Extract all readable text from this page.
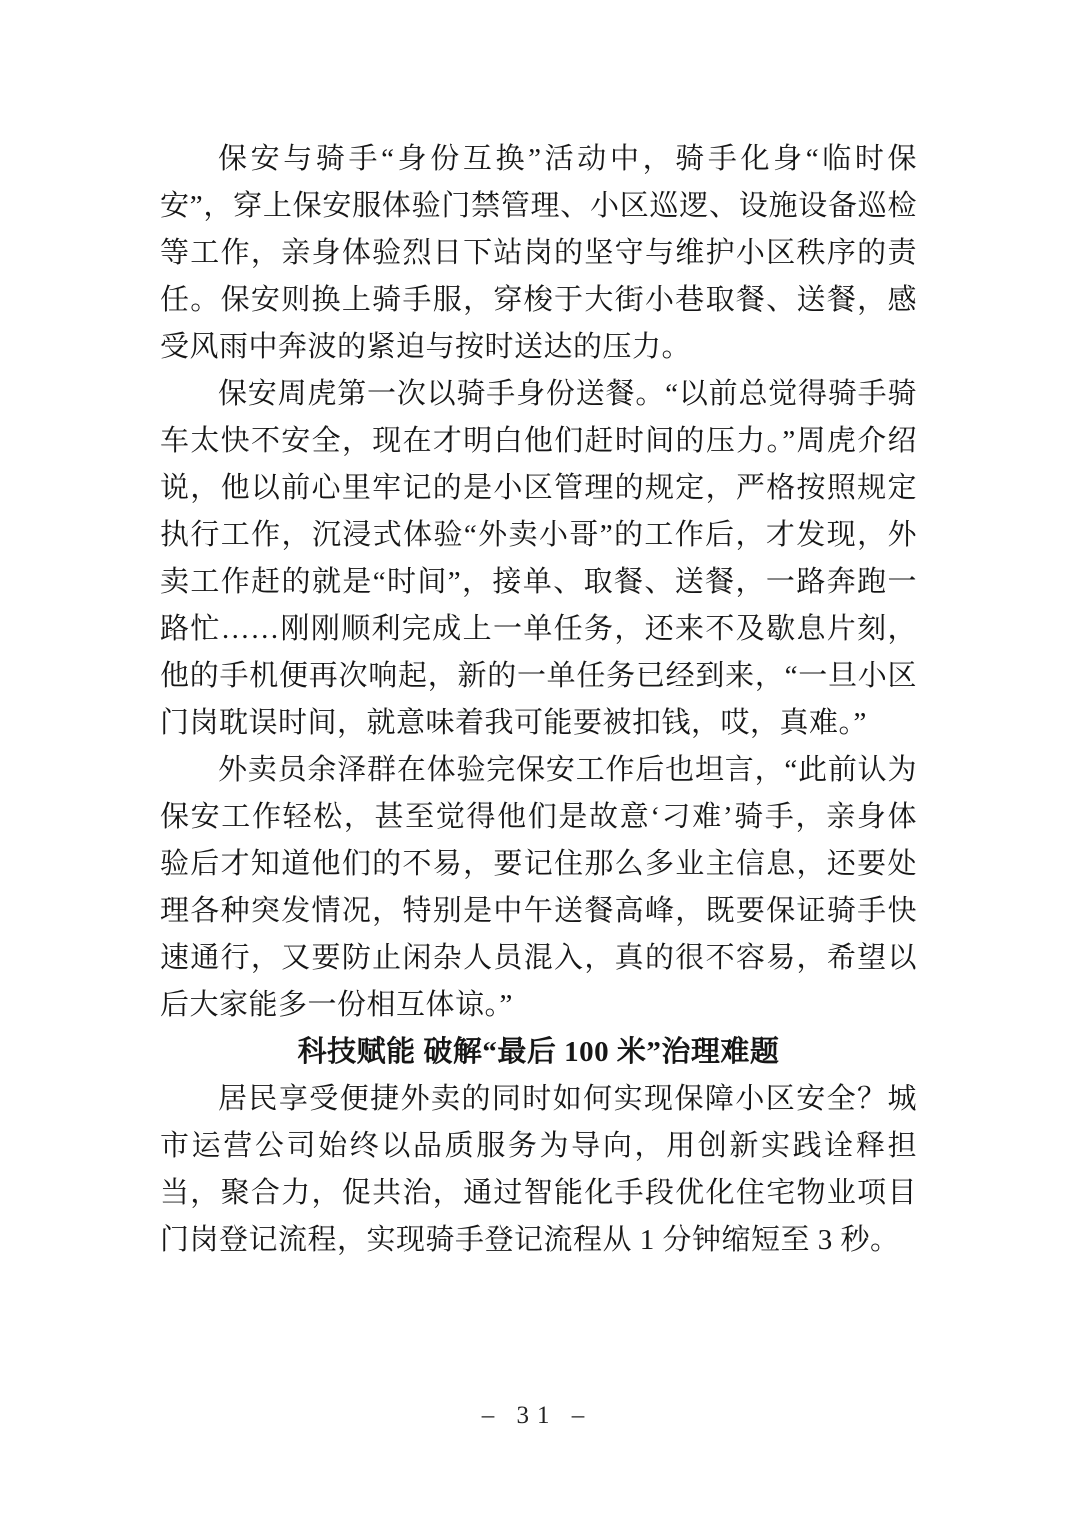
保安与骑手“身份互换”活动中，骑手化身“临时保安”，穿上保安服体验门禁管理、小区巡逻、设施设备巡检等工作，亲身体验烈日下站岗的坚守与维护小区秩序的责任。保安则换上骑手服，穿梭于大街小巷取餐、送餐，感受风雨中奔波的紧迫与按时送达的压力。

保安周虎第一次以骑手身份送餐。“以前总觉得骑手骑车太快不安全，现在才明白他们赶时间的压力。”周虎介绍说，他以前心里牢记的是小区管理的规定，严格按照规定执行工作，沉浸式体验“外卖小哥”的工作后，才发现，外卖工作赶的就是“时间”，接单、取餐、送餐，一路奔跑一路忙……刚刚顺利完成上一单任务，还来不及歇息片刻，他的手机便再次响起，新的一单任务已经到来，“一旦小区门岗耽误时间，就意味着我可能要被扣钱，哎，真难。”

外卖员余泽群在体验完保安工作后也坦言，“此前认为保安工作轻松，甚至觉得他们是故意‘刁难’骑手，亲身体验后才知道他们的不易，要记住那么多业主信息，还要处理各种突发情况，特别是中午送餐高峰，既要保证骑手快速通行，又要防止闲杂人员混入，真的很不容易，希望以后大家能多一份相互体谅。”

科技赋能 破解“最后 100 米”治理难题

居民享受便捷外卖的同时如何实现保障小区安全？城市运营公司始终以品质服务为导向，用创新实践诠释担当，聚合力，促共治，通过智能化手段优化住宅物业项目门岗登记流程，实现骑手登记流程从 1 分钟缩短至 3 秒。

– 31 –
